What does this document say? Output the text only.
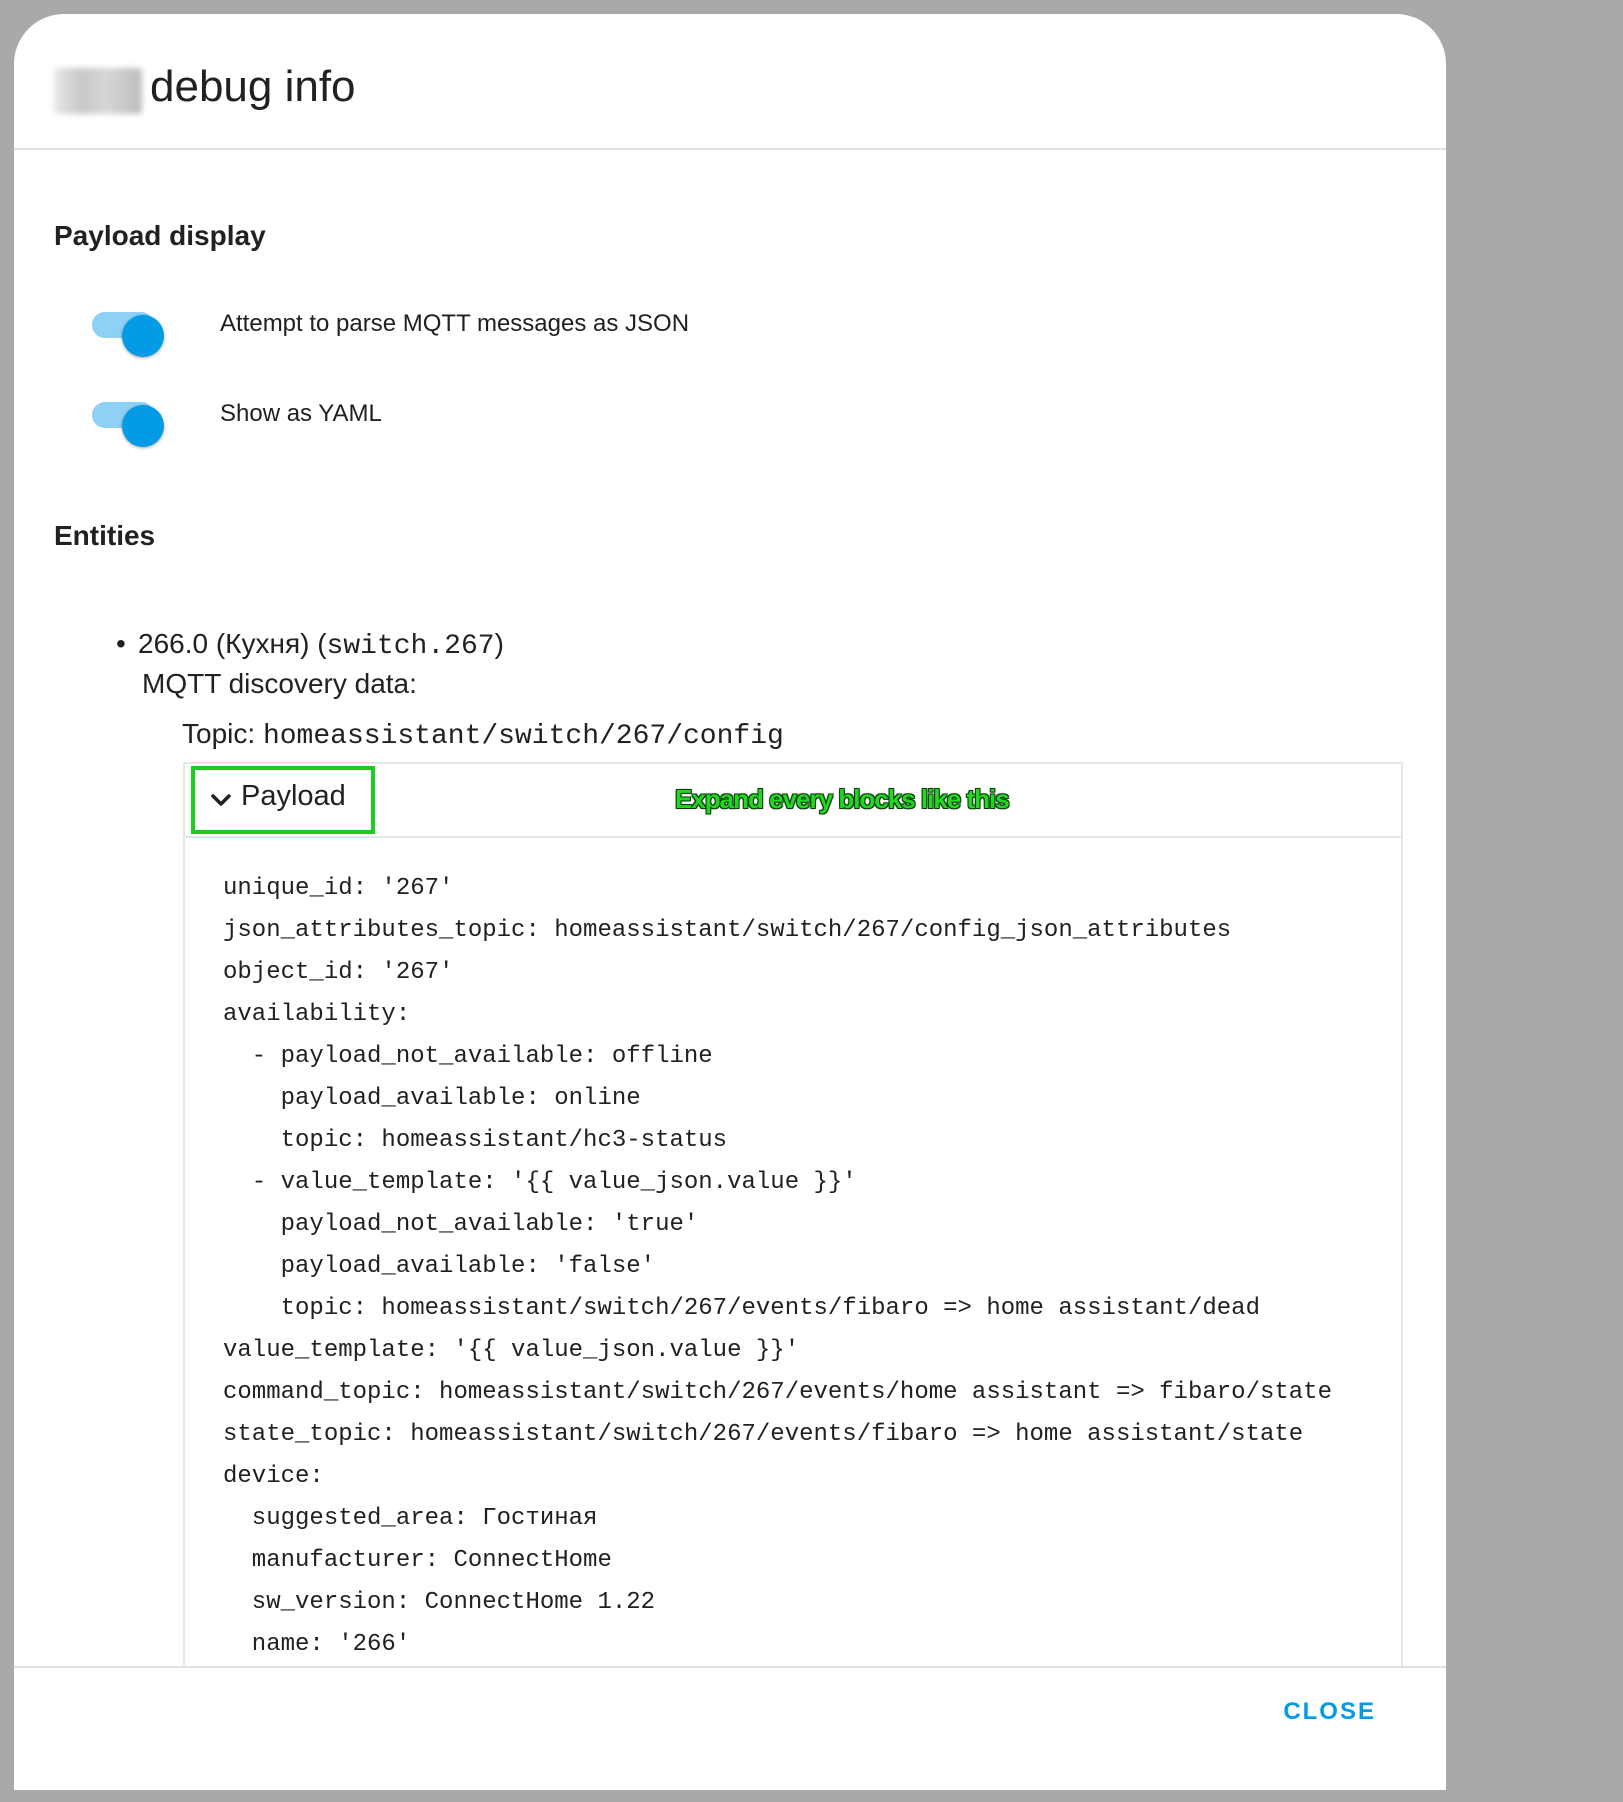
debug info
Payload display
Attempt to parse MQTT messages as JSON
Show as YAML
Entities
• 266.0 (Кухня) (switch.267)
MQTT discovery data:
Topic: homeassistant/switch/267/config
Payload	Expand every blocks like this
unique_id: '267'
json_attributes_topic: homeassistant/switch/267/config_json_attributes
object_id: '267'
availability:
- payload_not_available: offline
payload_available: online
topic: homeassistant/hc3-status
- value_template: '{{ value_json.value }}'
payload_not_available: 'true'
payload_available: 'false'
topic: homeassistant/switch/267/events/fibaro => home assistant/dead
value_template: '{{ value_json.value }}'
command_topic: homeassistant/switch/267/events/home assistant => fibaro/state
state_topic: homeassistant/switch/267/events/fibaro => home assistant/state
device:
suggested_area: Гостиная
manufacturer: ConnectHome
sw_version: ConnectHome 1.22
name: '266'
CLOSE
